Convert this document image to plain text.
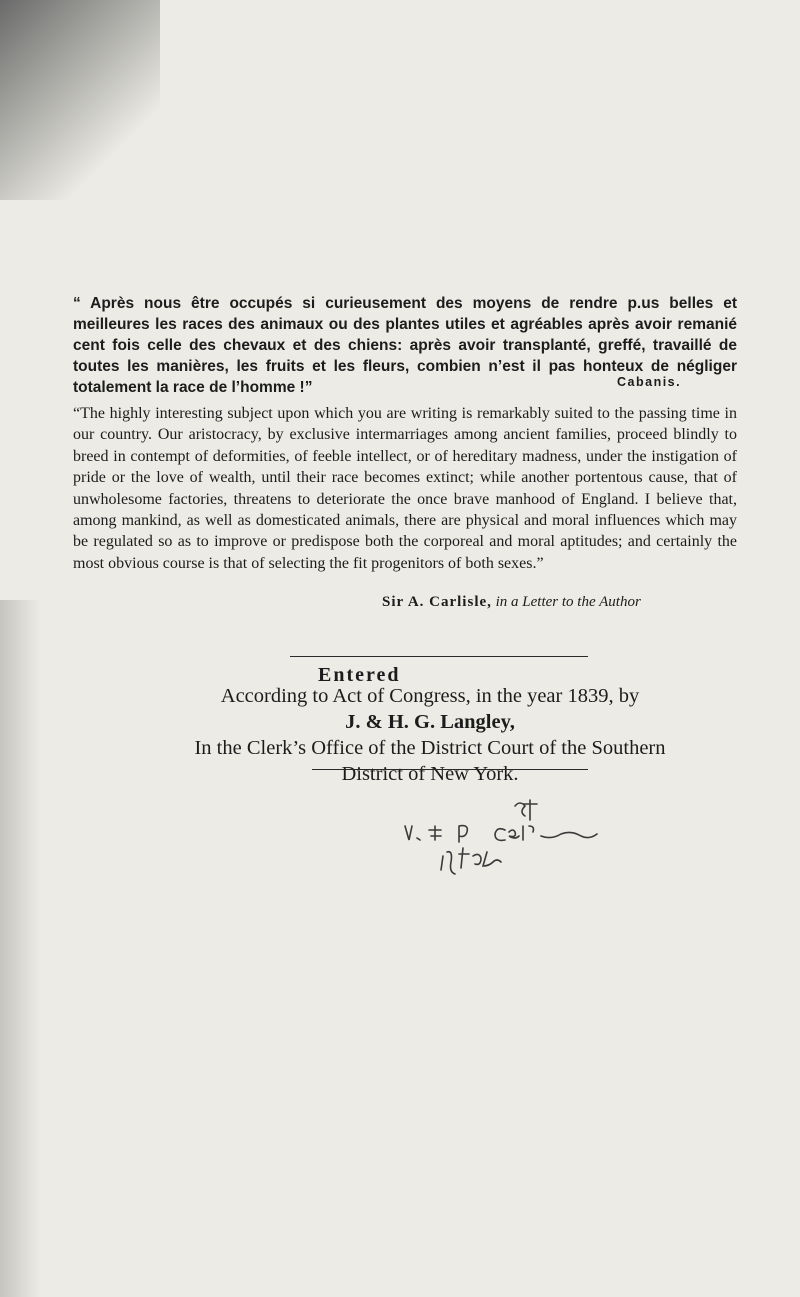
“ Après nous être occupés si curieusement des moyens de rendre p.us belles et meilleures les races des animaux ou des plantes utiles et agréables après avoir remanié cent fois celle des chevaux et des chiens: après avoir transplanté, greffé, travaillé de toutes les manières, les fruits et les fleurs, combien n’est il pas honteux de négliger totalement la race de l’homme !”	Cabanis.

“The highly interesting subject upon which you are writing is remarkably suited to the passing time in our country. Our aristocracy, by exclusive intermarriages among ancient families, proceed blindly to breed in contempt of deformities, of feeble intellect, or of hereditary madness, under the instigation of pride or the love of wealth, until their race becomes extinct; while another portentous cause, that of unwholesome factories, threatens to deteriorate the once brave manhood of England. I believe that, among mankind, as well as domesticated animals, there are physical and moral influences which may be regulated so as to improve or predispose both the corporeal and moral aptitudes; and certainly the most obvious course is that of selecting the fit progenitors of both sexes.”

Sir A. Carlisle, in a Letter to the Author
Entered
According to Act of Congress, in the year 1839, by
J. & H. G. Langley,
In the Clerk’s Office of the District Court of the Southern
District of New York.
